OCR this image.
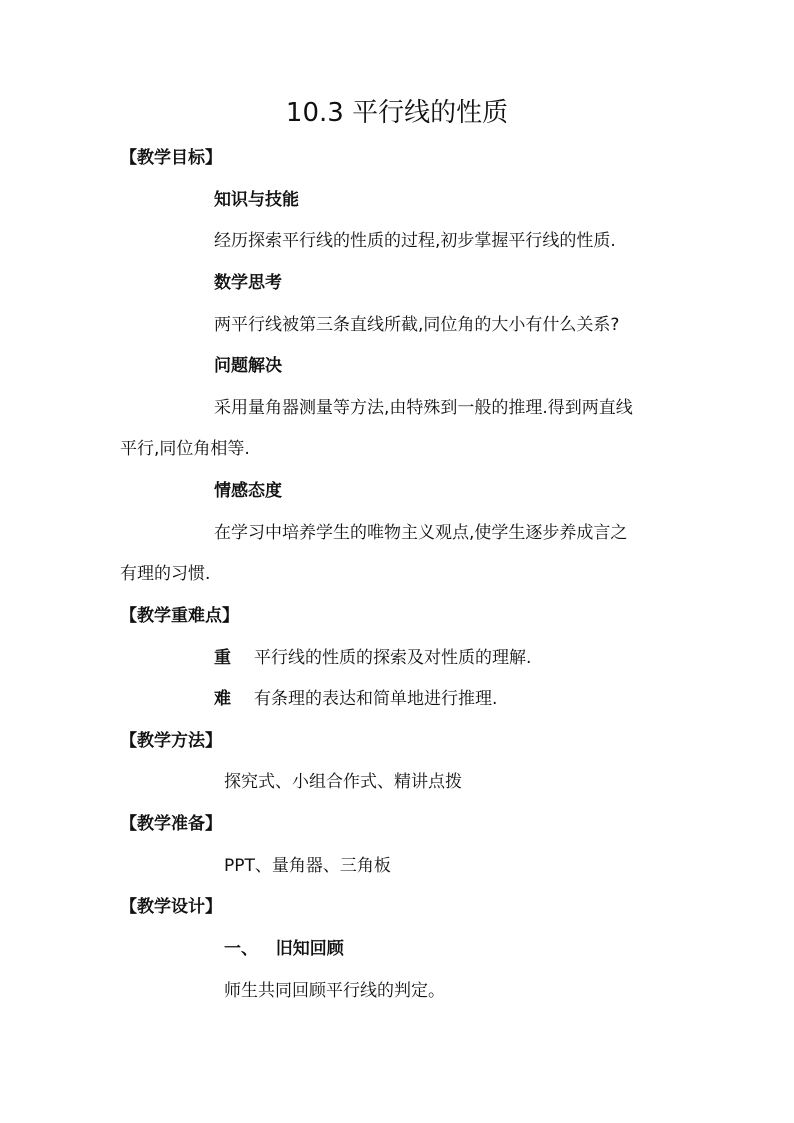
10.3 平行线的性质
【教学目标】
知识与技能
经历探索平行线的性质的过程,初步掌握平行线的性质.
数学思考
两平行线被第三条直线所截,同位角的大小有什么关系?
问题解决
采用量角器测量等方法,由特殊到一般的推理.得到两直线
平行,同位角相等.
情感态度
在学习中培养学生的唯物主义观点,使学生逐步养成言之
有理的习惯.
【教学重难点】
重 平行线的性质的探索及对性质的理解.
难 有条理的表达和简单地进行推理.
【教学方法】
探究式、小组合作式、精讲点拨
【教学准备】
PPT、量角器、三角板
【教学设计】
一、   旧知回顾
师生共同回顾平行线的判定。
